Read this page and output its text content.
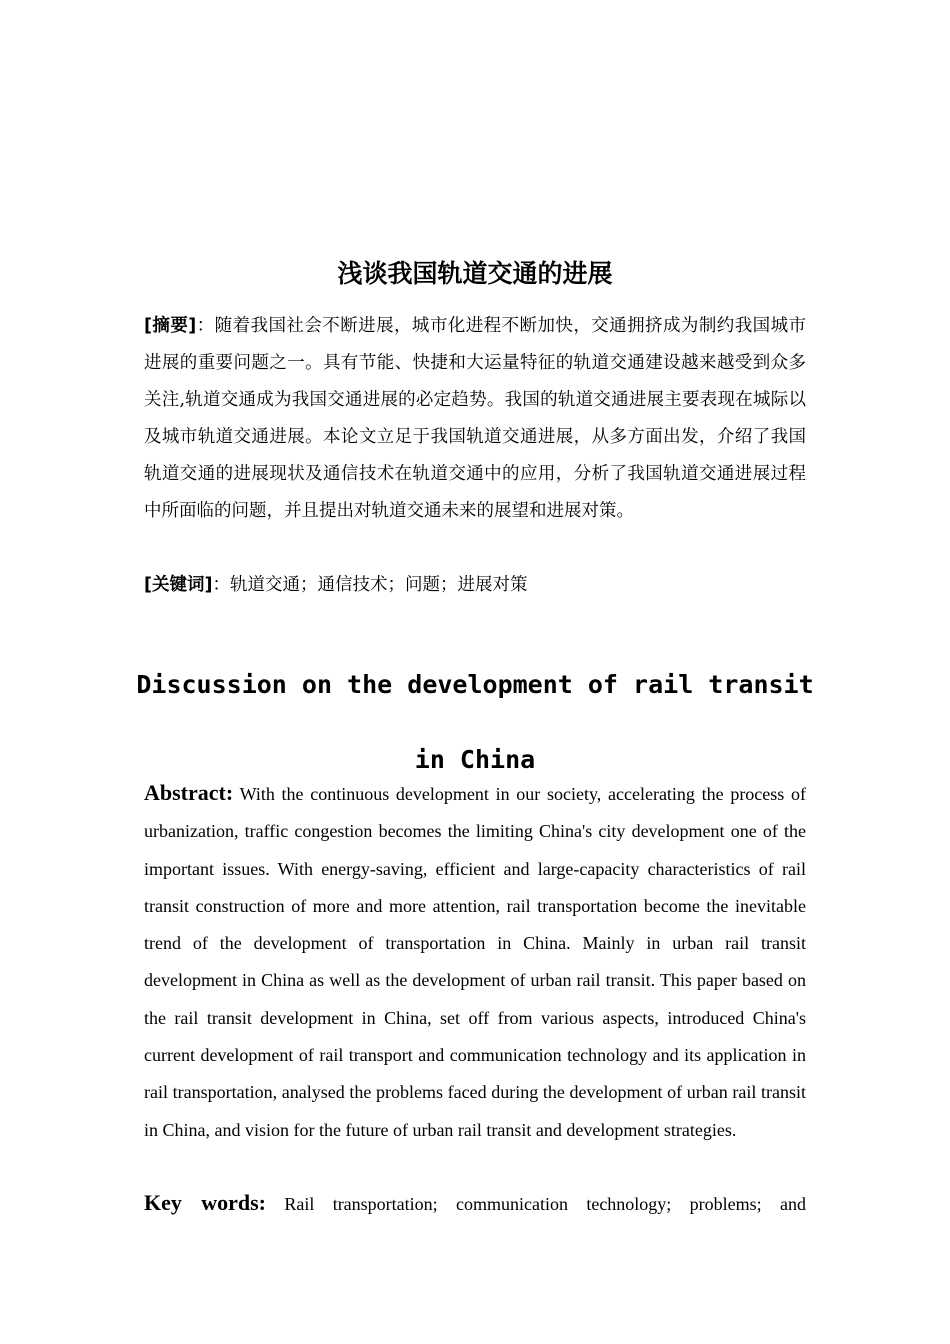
浅谈我国轨道交通的进展
[摘要]：随着我国社会不断进展，城市化进程不断加快，交通拥挤成为制约我国城市进展的重要问题之一。具有节能、快捷和大运量特征的轨道交通建设越来越受到众多关注,轨道交通成为我国交通进展的必定趋势。我国的轨道交通进展主要表现在城际以及城市轨道交通进展。本论文立足于我国轨道交通进展，从多方面出发，介绍了我国轨道交通的进展现状及通信技术在轨道交通中的应用，分析了我国轨道交通进展过程中所面临的问题，并且提出对轨道交通未来的展望和进展对策。
[关键词]：轨道交通；通信技术；问题；进展对策
Discussion on the development of rail transit
in China
Abstract: With the continuous development in our society, accelerating the process of urbanization, traffic congestion becomes the limiting China's city development one of the important issues. With energy-saving, efficient and large-capacity characteristics of rail transit construction of more and more attention, rail transportation become the inevitable trend of the development of transportation in China. Mainly in urban rail transit development in China as well as the development of urban rail transit. This paper based on the rail transit development in China, set off from various aspects, introduced China's current development of rail transport and communication technology and its application in rail transportation, analysed the problems faced during the development of urban rail transit in China, and vision for the future of urban rail transit and development strategies.
Key words: Rail transportation; communication technology; problems; and
